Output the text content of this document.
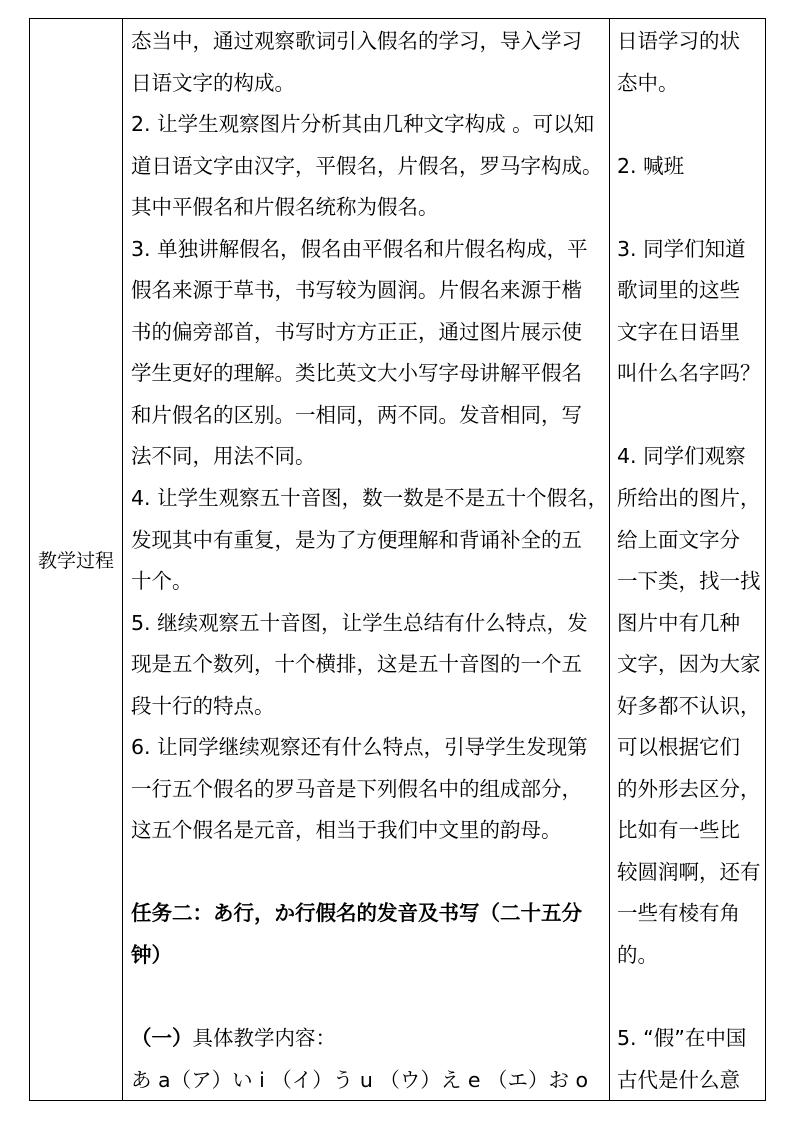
教学过程
态当中，通过观察歌词引入假名的学习，导入学习
日语文字的构成。
2. 让学生观察图片分析其由几种文字构成 。可以知
道日语文字由汉字，平假名，片假名，罗马字构成。
其中平假名和片假名统称为假名。
3. 单独讲解假名，假名由平假名和片假名构成，平
假名来源于草书，书写较为圆润。片假名来源于楷
书的偏旁部首，书写时方方正正，通过图片展示使
学生更好的理解。类比英文大小写字母讲解平假名
和片假名的区别。一相同，两不同。发音相同，写
法不同，用法不同。
4. 让学生观察五十音图，数一数是不是五十个假名，
发现其中有重复，是为了方便理解和背诵补全的五
十个。
5. 继续观察五十音图，让学生总结有什么特点，发
现是五个数列，十个横排，这是五十音图的一个五
段十行的特点。
6. 让同学继续观察还有什么特点，引导学生发现第
一行五个假名的罗马音是下列假名中的组成部分，
这五个假名是元音，相当于我们中文里的韵母。
任务二：あ行，か行假名的发音及书写（二十五分
钟）
（一）具体教学内容：
あ a（ア）い i （イ）う u （ウ）え e （エ）お o
日语学习的状
态中。
2. 喊班
3. 同学们知道
歌词里的这些
文字在日语里
叫什么名字吗？
4. 同学们观察
所给出的图片，
给上面文字分
一下类，找一找
图片中有几种
文字，因为大家
好多都不认识，
可以根据它们
的外形去区分，
比如有一些比
较圆润啊，还有
一些有棱有角
的。
5. “假”在中国
古代是什么意
